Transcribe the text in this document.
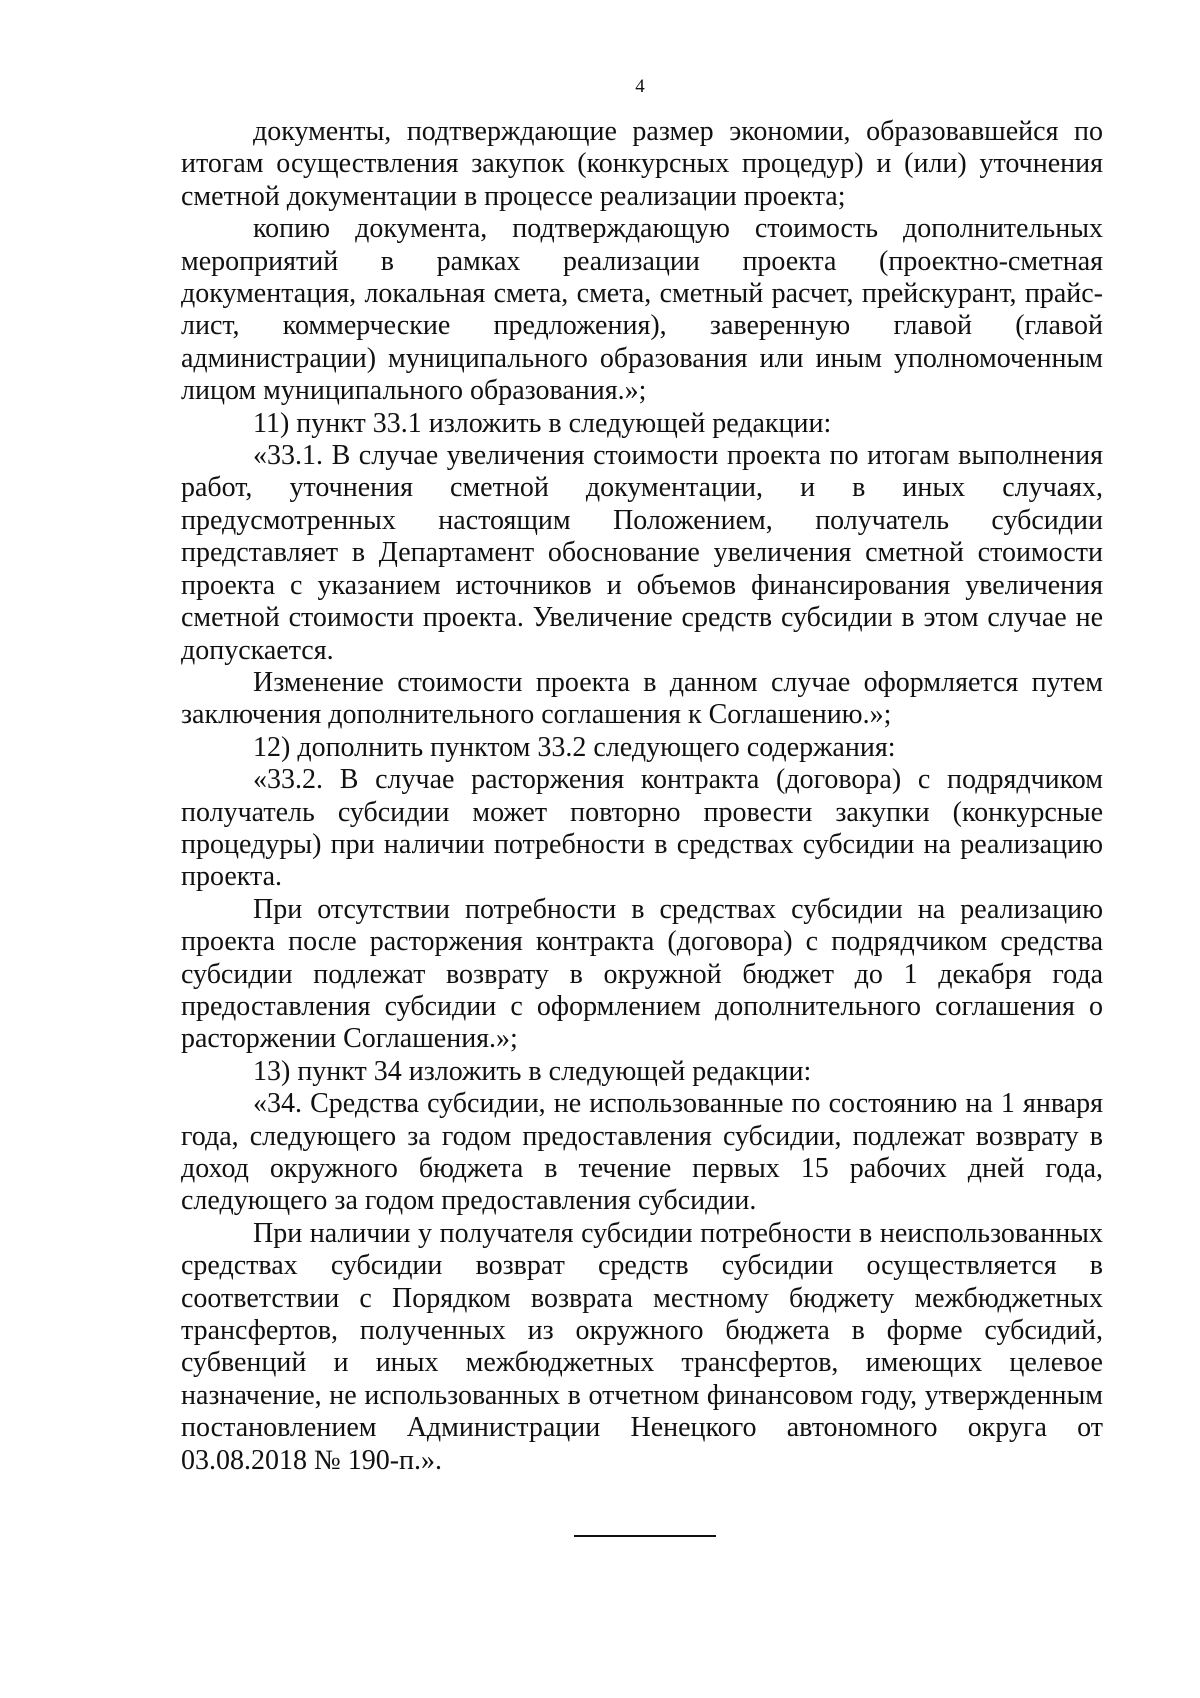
4

документы, подтверждающие размер экономии, образовавшейся по итогам осуществления закупок (конкурсных процедур) и (или) уточнения сметной документации в процессе реализации проекта;

копию документа, подтверждающую стоимость дополнительных мероприятий в рамках реализации проекта (проектно-сметная документация, локальная смета, смета, сметный расчет, прейскурант, прайс-лист, коммерческие предложения), заверенную главой (главой администрации) муниципального образования или иным уполномоченным лицом муниципального образования.»;

11) пункт 33.1 изложить в следующей редакции:

«33.1. В случае увеличения стоимости проекта по итогам выполнения работ, уточнения сметной документации, и в иных случаях, предусмотренных настоящим Положением, получатель субсидии представляет в Департамент обоснование увеличения сметной стоимости проекта с указанием источников и объемов финансирования увеличения сметной стоимости проекта. Увеличение средств субсидии в этом случае не допускается.

Изменение стоимости проекта в данном случае оформляется путем заключения дополнительного соглашения к Соглашению.»;

12) дополнить пунктом 33.2 следующего содержания:

«33.2. В случае расторжения контракта (договора) с подрядчиком получатель субсидии может повторно провести закупки (конкурсные процедуры) при наличии потребности в средствах субсидии на реализацию проекта.

При отсутствии потребности в средствах субсидии на реализацию проекта после расторжения контракта (договора) с подрядчиком средства субсидии подлежат возврату в окружной бюджет до 1 декабря года предоставления субсидии с оформлением дополнительного соглашения о расторжении Соглашения.»;

13) пункт 34 изложить в следующей редакции:

«34. Средства субсидии, не использованные по состоянию на 1 января года, следующего за годом предоставления субсидии, подлежат возврату в доход окружного бюджета в течение первых 15 рабочих дней года, следующего за годом предоставления субсидии.

При наличии у получателя субсидии потребности в неиспользованных средствах субсидии возврат средств субсидии осуществляется в соответствии с Порядком возврата местному бюджету межбюджетных трансфертов, полученных из окружного бюджета в форме субсидий, субвенций и иных межбюджетных трансфертов, имеющих целевое назначение, не использованных в отчетном финансовом году, утвержденным постановлением Администрации Ненецкого автономного округа от 03.08.2018 № 190-п.».
